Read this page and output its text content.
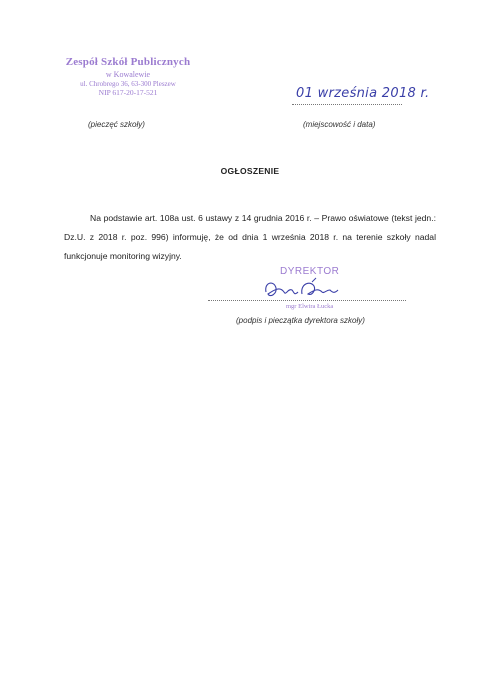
Zespół Szkół Publicznych
w Kowalewie
ul. Chrobrego 36, 63-300 Pleszew
NIP 617-20-17-521
(pieczęć szkoły)
01 września 2018 r.
(miejscowość i data)
OGŁOSZENIE
Na podstawie art. 108a ust. 6 ustawy z 14 grudnia 2016 r. – Prawo oświatowe (tekst jedn.: Dz.U. z 2018 r. poz. 996) informuję, że od dnia 1 września 2018 r. na terenie szkoły nadal funkcjonuje monitoring wizyjny.
DYREKTOR
mgr Elwira Łucka
(podpis i pieczątka dyrektora szkoły)
